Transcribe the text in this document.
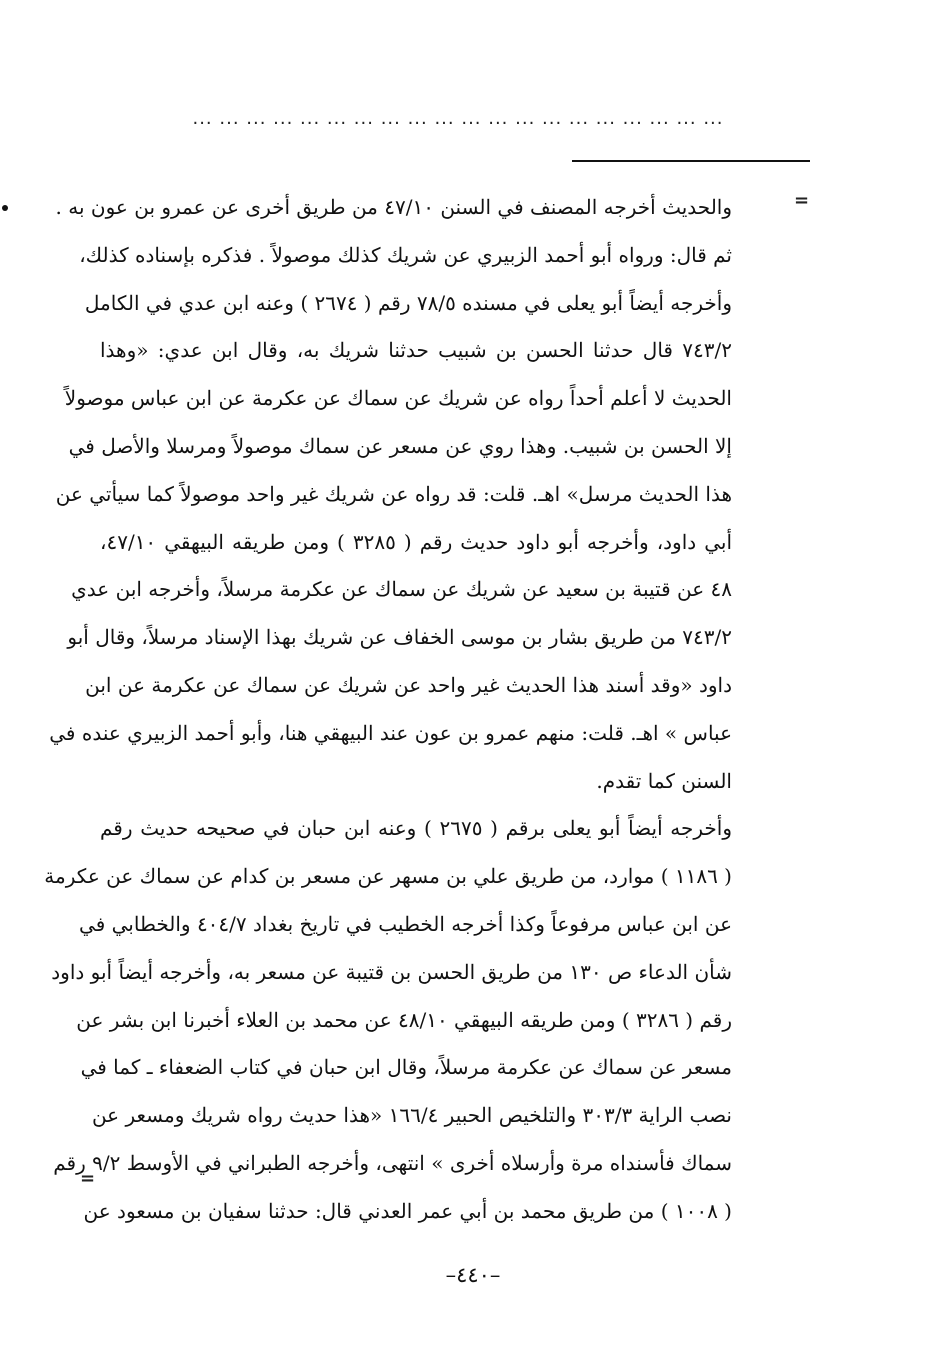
... ... ... ... ... ... ... ... ... ... ... ... ... ... ... ... ... ... ... ...
=
=
والحديث أخرجه المصنف في السنن ٤٧/١٠ من طريق أخرى عن عمرو بن عون به .
ثم قال: ورواه أبو أحمد الزبيري عن شريك كذلك موصولاً . فذكره بإسناده كذلك،
وأخرجه أيضاً أبو يعلى في مسنده ٧٨/٥ رقم ( ٢٦٧٤ ) وعنه ابن عدي في الكامل
٧٤٣/٢ قال حدثنا الحسن بن شبيب حدثنا شريك به، وقال ابن عدي: «وهذا
الحديث لا أعلم أحداً رواه عن شريك عن سماك عن عكرمة عن ابن عباس موصولاً
إلا الحسن بن شبيب. وهذا روي عن مسعر عن سماك موصولاً ومرسلا والأصل في
هذا الحديث مرسل» اهـ. قلت: قد رواه عن شريك غير واحد موصولاً كما سيأتي عن
أبي داود، وأخرجه أبو داود حديث رقم ( ٣٢٨٥ ) ومن طريقه البيهقي ٤٧/١٠،
٤٨ عن قتيبة بن سعيد عن شريك عن سماك عن عكرمة مرسلاً، وأخرجه ابن عدي
٧٤٣/٢ من طريق بشار بن موسى الخفاف عن شريك بهذا الإسناد مرسلاً، وقال أبو
داود «وقد أسند هذا الحديث غير واحد عن شريك عن سماك عن عكرمة عن ابن
عباس » اهـ. قلت: منهم عمرو بن عون عند البيهقي هنا، وأبو أحمد الزبيري عنده في
السنن كما تقدم.
وأخرجه أيضاً أبو يعلى برقم ( ٢٦٧٥ ) وعنه ابن حبان في صحيحه حديث رقم
( ١١٨٦ ) موارد، من طريق علي بن مسهر عن مسعر بن كدام عن سماك عن عكرمة
عن ابن عباس مرفوعاً وكذا أخرجه الخطيب في تاريخ بغداد ٤٠٤/٧ والخطابي في
شأن الدعاء ص ١٣٠ من طريق الحسن بن قتيبة عن مسعر به، وأخرجه أيضاً أبو داود
رقم ( ٣٢٨٦ ) ومن طريقه البيهقي ٤٨/١٠ عن محمد بن العلاء أخبرنا ابن بشر عن
مسعر عن سماك عن عكرمة مرسلاً، وقال ابن حبان في كتاب الضعفاء ـ كما في
نصب الراية ٣٠٣/٣ والتلخيص الحبير ١٦٦/٤ «هذا حديث رواه شريك ومسعر عن
سماك فأسنداه مرة وأرسلاه أخرى » انتهى، وأخرجه الطبراني في الأوسط ٩/٢ رقم
( ١٠٠٨ ) من طريق محمد بن أبي عمر العدني قال: حدثنا سفيان بن مسعود عن
–٤٤٠–
